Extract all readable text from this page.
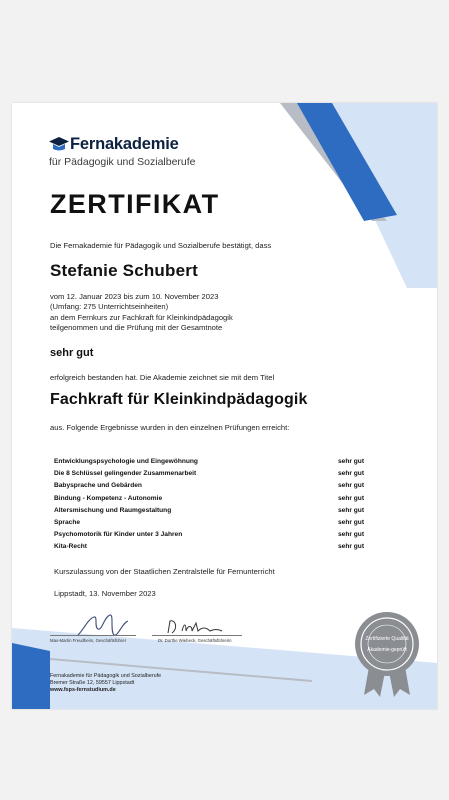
Fernakademie
für Pädagogik und Sozialberufe
ZERTIFIKAT
Die Fernakademie für Pädagogik und Sozialberufe bestätigt, dass
Stefanie Schubert
vom 12. Januar 2023 bis zum 10. November 2023
(Umfang: 275 Unterrichtseinheiten)
an dem Fernkurs zur Fachkraft für Kleinkindpädagogik
teilgenommen und die Prüfung mit der Gesamtnote
sehr gut
erfolgreich bestanden hat. Die Akademie zeichnet sie mit dem Titel
Fachkraft für Kleinkindpädagogik
aus. Folgende Ergebnisse wurden in den einzelnen Prüfungen erreicht:
Entwicklungspsychologie und Eingewöhnung	sehr gut
Die 8 Schlüssel gelingender Zusammenarbeit	sehr gut
Babysprache und Gebärden	sehr gut
Bindung - Kompetenz - Autonomie	sehr gut
Altersmischung und Raumgestaltung	sehr gut
Sprache	sehr gut
Psychomotorik für Kinder unter 3 Jahren	sehr gut
Kita-Recht	sehr gut
Kurszulassung von der Staatlichen Zentralstelle für Fernunterricht
Lippstadt, 13. November 2023
Max-Martin Freudheim, Geschäftsführer	Dr. Dorthe Wiebeck, Geschäftsführerin	Zertifizierte Qualität
Akademie-geprüft
Fernakademie für Pädagogik und Sozialberufe
Bremer Straße 12, 59557 Lippstadt
www.fsps-fernstudium.de
